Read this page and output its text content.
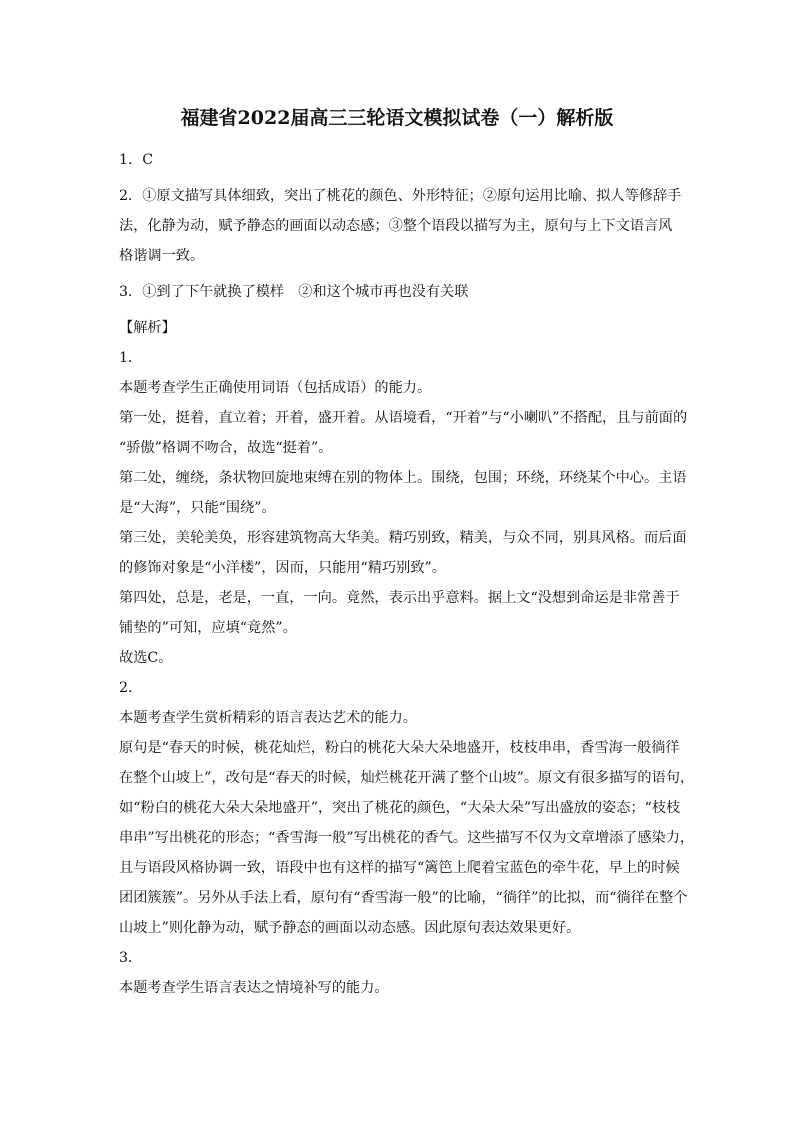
福建省2022届高三三轮语文模拟试卷（一）解析版
1．C
2．①原文描写具体细致，突出了桃花的颜色、外形特征；②原句运用比喻、拟人等修辞手
法，化静为动，赋予静态的画面以动态感；③整个语段以描写为主，原句与上下文语言风
格谐调一致。
3．①到了下午就换了模样　②和这个城市再也没有关联
【解析】
1．
本题考查学生正确使用词语（包括成语）的能力。
第一处，挺着，直立着；开着，盛开着。从语境看，“开着”与“小喇叭”不搭配，且与前面的
“骄傲”格调不吻合，故选“挺着”。
第二处，缠绕，条状物回旋地束缚在别的物体上。围绕，包围；环绕，环绕某个中心。主语
是“大海”，只能“围绕”。
第三处，美轮美奂，形容建筑物高大华美。精巧别致，精美，与众不同，别具风格。而后面
的修饰对象是“小洋楼”，因而，只能用“精巧别致”。
第四处，总是，老是，一直，一向。竟然，表示出乎意料。据上文“没想到命运是非常善于
铺垫的”可知，应填“竟然”。
故选C。
2．
本题考查学生赏析精彩的语言表达艺术的能力。
原句是“春天的时候，桃花灿烂，粉白的桃花大朵大朵地盛开，枝枝串串，香雪海一般徜徉
在整个山坡上”，改句是“春天的时候，灿烂桃花开满了整个山坡”。原文有很多描写的语句，
如“粉白的桃花大朵大朵地盛开”，突出了桃花的颜色，“大朵大朵”写出盛放的姿态；“枝枝
串串”写出桃花的形态；“香雪海一般”写出桃花的香气。这些描写不仅为文章增添了感染力，
且与语段风格协调一致，语段中也有这样的描写“篱笆上爬着宝蓝色的牵牛花，早上的时候
团团簇簇”。另外从手法上看，原句有“香雪海一般”的比喻，“徜徉”的比拟，而“徜徉在整个
山坡上”则化静为动，赋予静态的画面以动态感。因此原句表达效果更好。
3．
本题考查学生语言表达之情境补写的能力。
